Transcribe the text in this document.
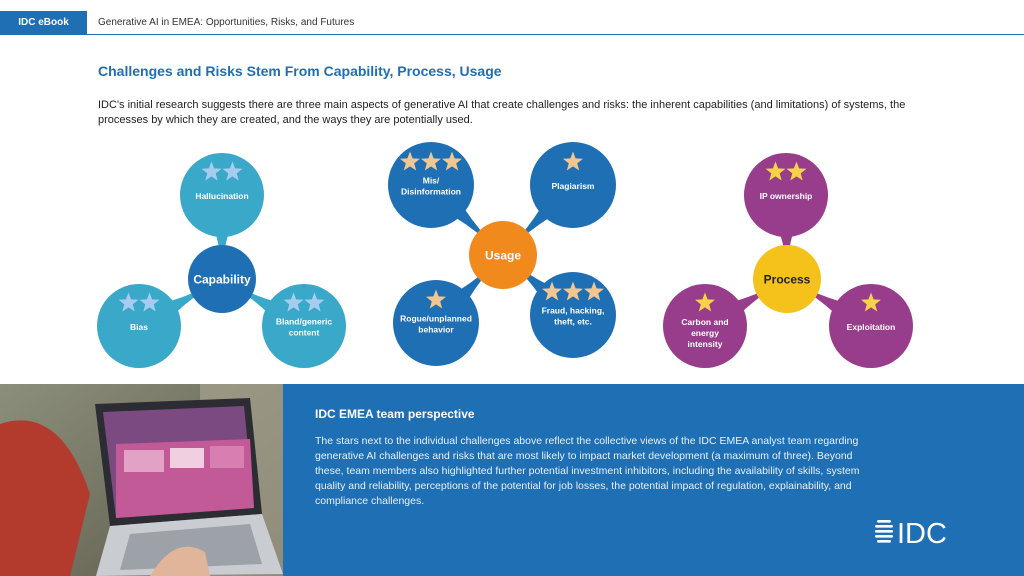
IDC eBook	Generative AI in EMEA: Opportunities, Risks, and Futures
Challenges and Risks Stem From Capability, Process, Usage

IDC's initial research suggests there are three main aspects of generative AI that create challenges and risks: the inherent capabilities (and limitations) of systems, the processes by which they are created, and the ways they are potentially used.

Hallucination
Bias
Bland/generic content
Capability
Mis/ Disinformation
Plagiarism
Rogue/unplanned behavior
Fraud, hacking, theft, etc.
Usage
IP ownership
Carbon and energy intensity
Exploitation
Process
IDC EMEA team perspective

The stars next to the individual challenges above reflect the collective views of the IDC EMEA analyst team regarding generative AI challenges and risks that are most likely to impact market development (a maximum of three). Beyond these, team members also highlighted further potential investment inhibitors, including the availability of skills, system quality and reliability, perceptions of the potential for job losses, the potential impact of regulation, explainability, and compliance challenges.

IDC
